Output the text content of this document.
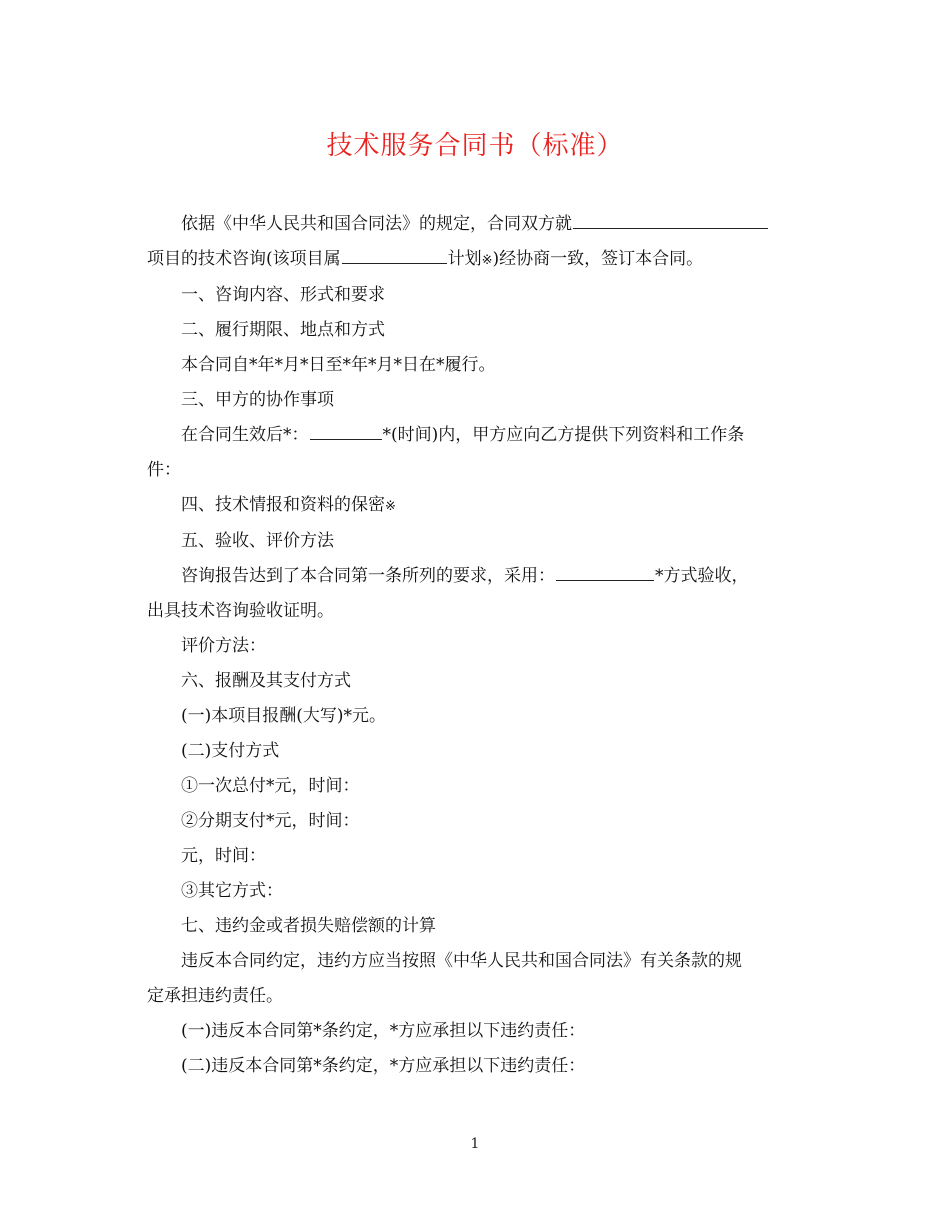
技术服务合同书（标准）

依据《中华人民共和国合同法》的规定，合同双方就

项目的技术咨询(该项目属	计划※)经协商一致，签订本合同。

一、咨询内容、形式和要求

二、履行期限、地点和方式

本合同自*年*月*日至*年*月*日在*履行。

三、甲方的协作事项

在合同生效后*：	*(时间)内，甲方应向乙方提供下列资料和工作条

件：

四、技术情报和资料的保密※

五、验收、评价方法

咨询报告达到了本合同第一条所列的要求，采用：	*方式验收，

出具技术咨询验收证明。

评价方法：

六、报酬及其支付方式

(一)本项目报酬(大写)*元。

(二)支付方式

①一次总付*元，时间：

②分期支付*元，时间：

元，时间：

③其它方式：

七、违约金或者损失赔偿额的计算

违反本合同约定，违约方应当按照《中华人民共和国合同法》有关条款的规

定承担违约责任。

(一)违反本合同第*条约定，*方应承担以下违约责任：

(二)违反本合同第*条约定，*方应承担以下违约责任：

1
